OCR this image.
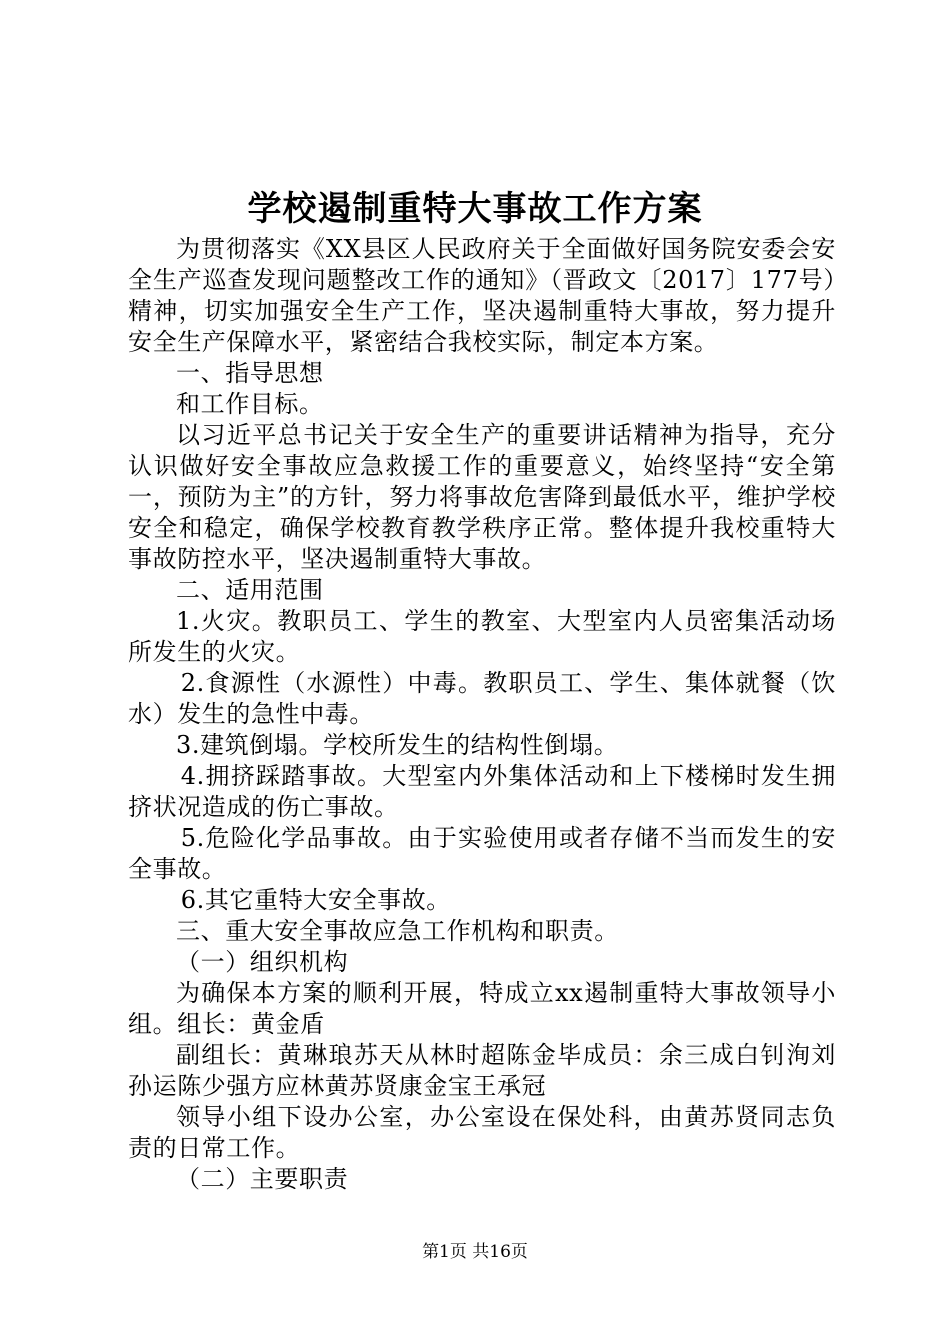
学校遏制重特大事故工作方案

为贯彻落实《XX县区人民政府关于全面做好国务院安委会安全生产巡查发现问题整改工作的通知》（晋政文〔2017〕177号）精神，切实加强安全生产工作，坚决遏制重特大事故，努力提升安全生产保障水平，紧密结合我校实际，制定本方案。

一、指导思想

和工作目标。

以习近平总书记关于安全生产的重要讲话精神为指导，充分认识做好安全事故应急救援工作的重要意义，始终坚持“安全第一，预防为主”的方针，努力将事故危害降到最低水平，维护学校安全和稳定，确保学校教育教学秩序正常。整体提升我校重特大事故防控水平，坚决遏制重特大事故。

二、适用范围

1.火灾。教职员工、学生的教室、大型室内人员密集活动场所发生的火灾。

2.食源性（水源性）中毒。教职员工、学生、集体就餐（饮水）发生的急性中毒。

3.建筑倒塌。学校所发生的结构性倒塌。

4.拥挤踩踏事故。大型室内外集体活动和上下楼梯时发生拥挤状况造成的伤亡事故。

5.危险化学品事故。由于实验使用或者存储不当而发生的安全事故。

6.其它重特大安全事故。

三、重大安全事故应急工作机构和职责。

（一）组织机构

为确保本方案的顺利开展，特成立xx遏制重特大事故领导小组。组长：黄金盾

副组长：黄琳琅苏天从林时超陈金毕成员：余三成白钊洵刘孙运陈少强方应林黄苏贤康金宝王承冠

领导小组下设办公室，办公室设在保处科，由黄苏贤同志负责的日常工作。

（二）主要职责

第1页 共16页
